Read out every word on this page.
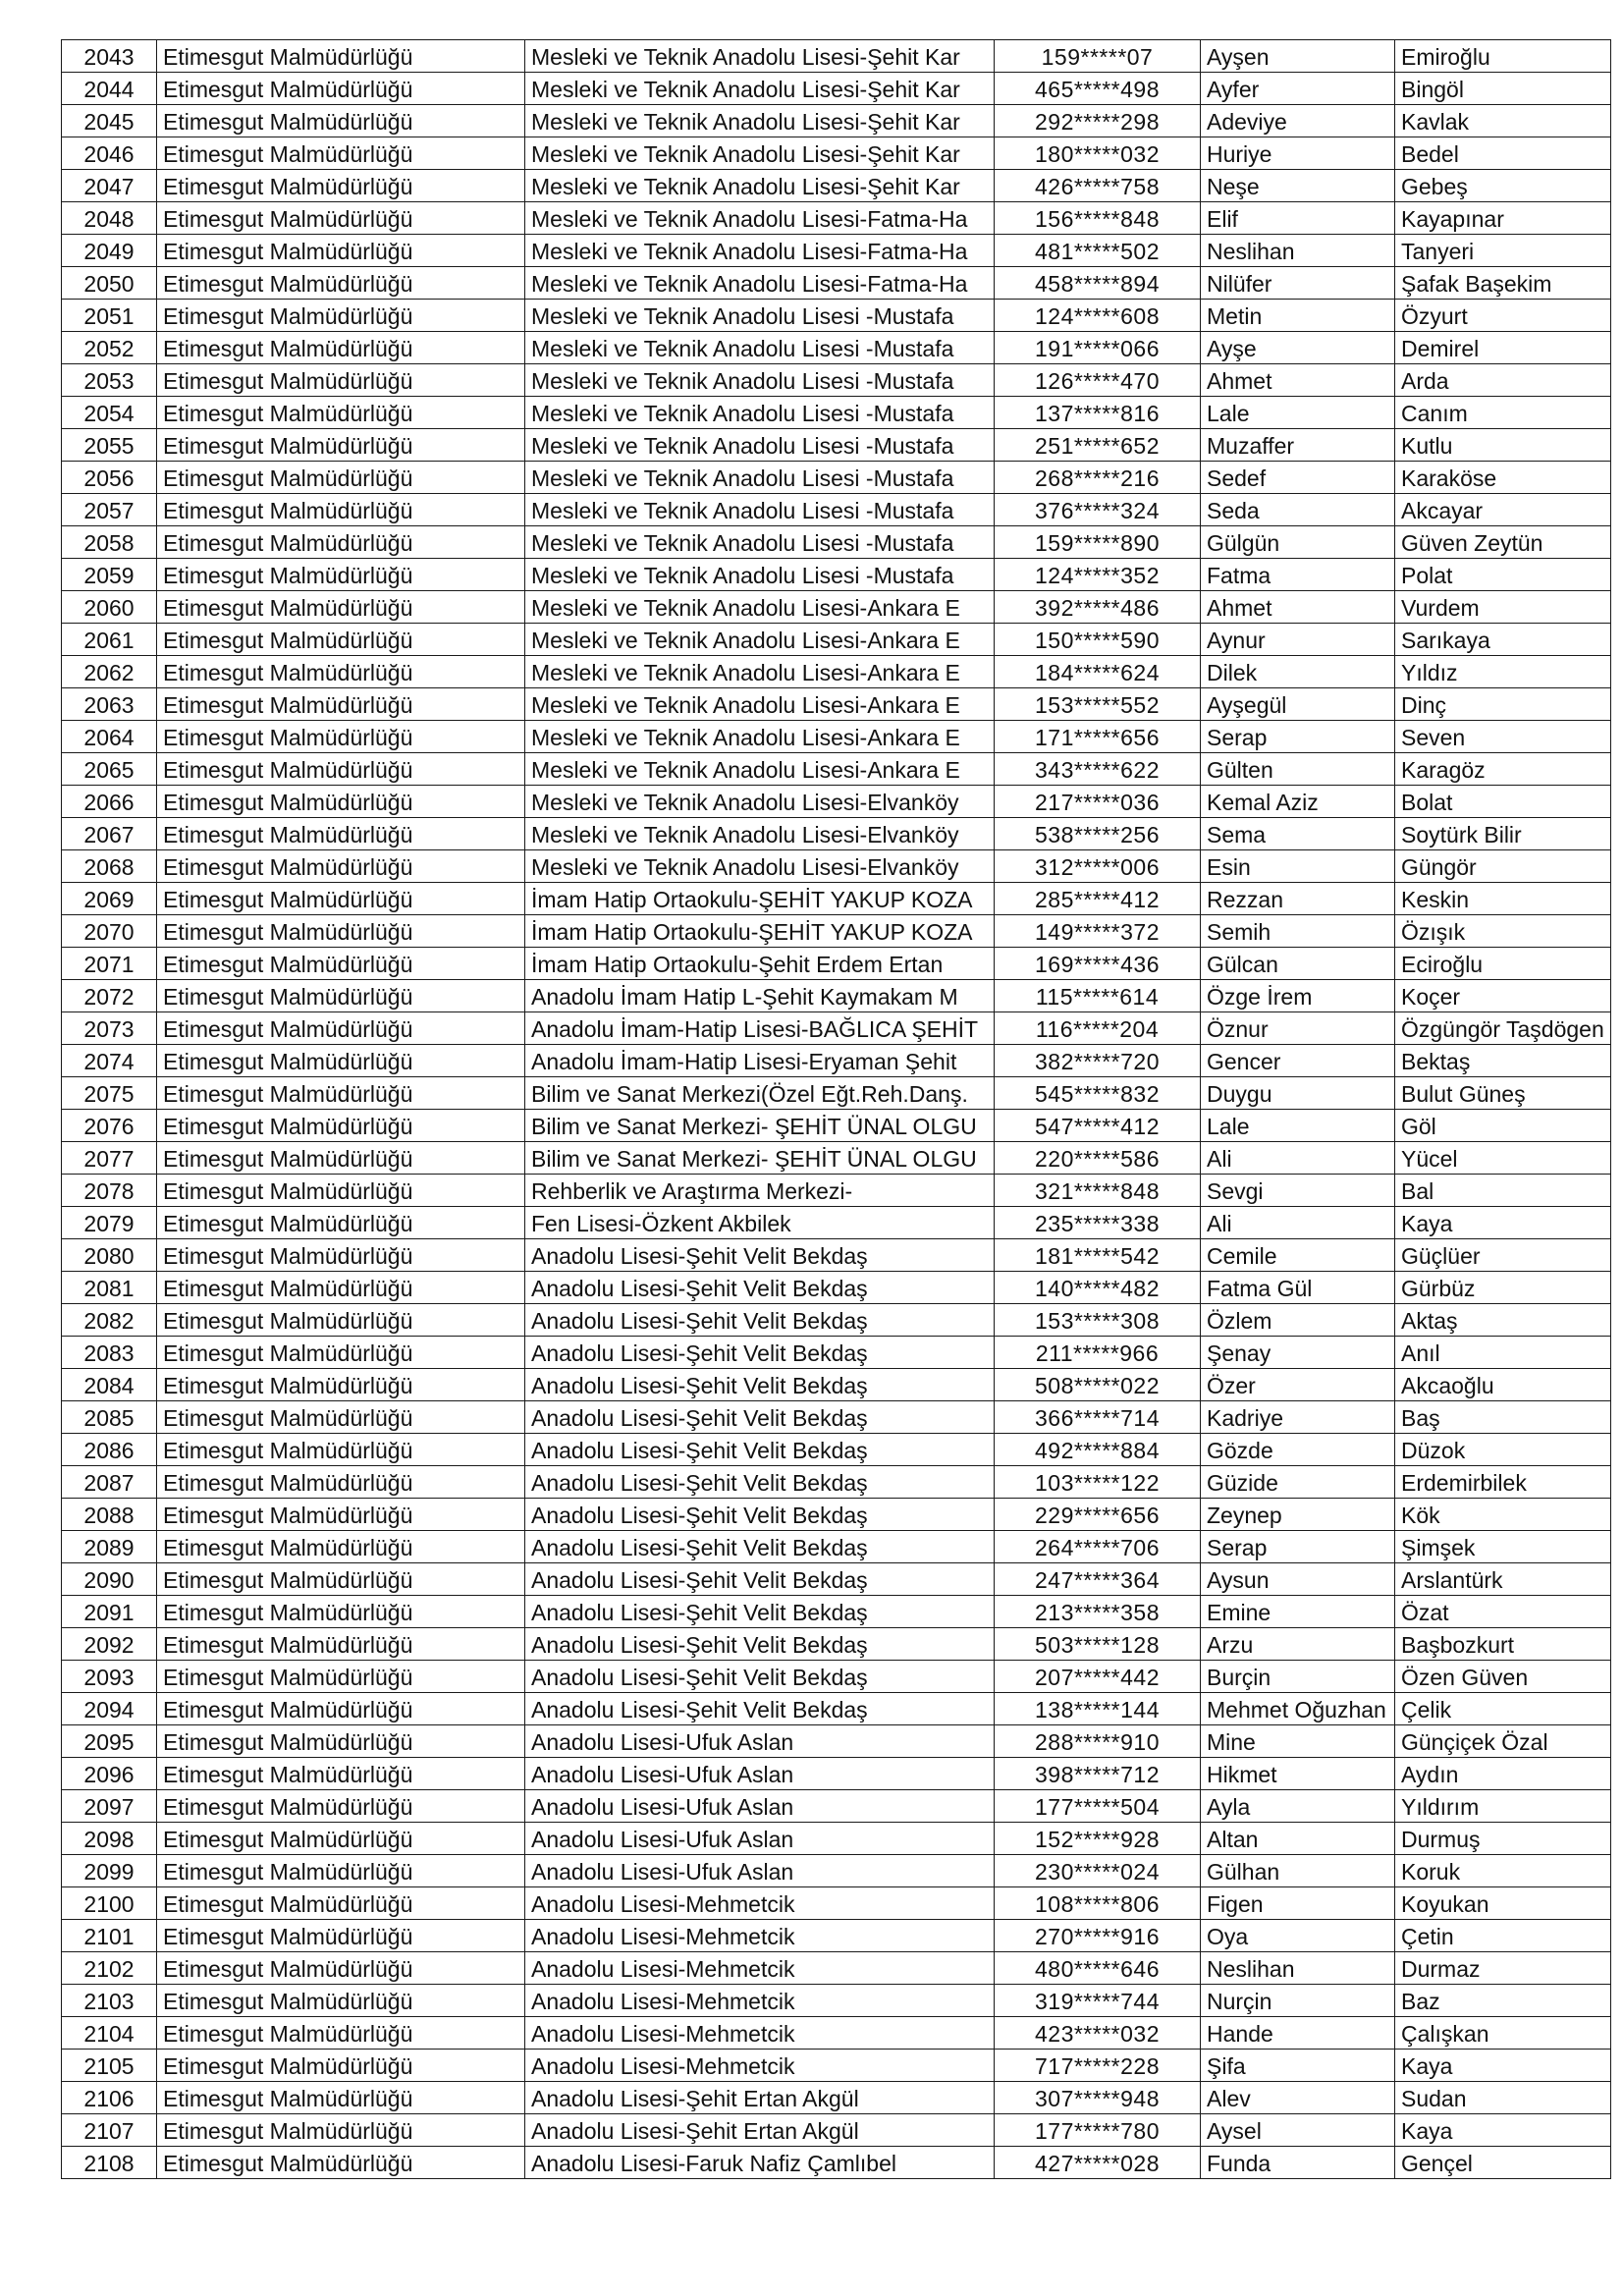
2043	Etimesgut Malmüdürlüğü	Mesleki ve Teknik Anadolu Lisesi-Şehit Kar	159*****07	Ayşen	Emiroğlu
2044	Etimesgut Malmüdürlüğü	Mesleki ve Teknik Anadolu Lisesi-Şehit Kar	465*****498	Ayfer	Bingöl
2045	Etimesgut Malmüdürlüğü	Mesleki ve Teknik Anadolu Lisesi-Şehit Kar	292*****298	Adeviye	Kavlak
2046	Etimesgut Malmüdürlüğü	Mesleki ve Teknik Anadolu Lisesi-Şehit Kar	180*****032	Huriye	Bedel
2047	Etimesgut Malmüdürlüğü	Mesleki ve Teknik Anadolu Lisesi-Şehit Kar	426*****758	Neşe	Gebeş
2048	Etimesgut Malmüdürlüğü	Mesleki ve Teknik Anadolu Lisesi-Fatma-Ha	156*****848	Elif	Kayapınar
2049	Etimesgut Malmüdürlüğü	Mesleki ve Teknik Anadolu Lisesi-Fatma-Ha	481*****502	Neslihan	Tanyeri
2050	Etimesgut Malmüdürlüğü	Mesleki ve Teknik Anadolu Lisesi-Fatma-Ha	458*****894	Nilüfer	Şafak Başekim
2051	Etimesgut Malmüdürlüğü	Mesleki ve Teknik Anadolu Lisesi -Mustafa	124*****608	Metin	Özyurt
2052	Etimesgut Malmüdürlüğü	Mesleki ve Teknik Anadolu Lisesi -Mustafa	191*****066	Ayşe	Demirel
2053	Etimesgut Malmüdürlüğü	Mesleki ve Teknik Anadolu Lisesi -Mustafa	126*****470	Ahmet	Arda
2054	Etimesgut Malmüdürlüğü	Mesleki ve Teknik Anadolu Lisesi -Mustafa	137*****816	Lale	Canım
2055	Etimesgut Malmüdürlüğü	Mesleki ve Teknik Anadolu Lisesi -Mustafa	251*****652	Muzaffer	Kutlu
2056	Etimesgut Malmüdürlüğü	Mesleki ve Teknik Anadolu Lisesi -Mustafa	268*****216	Sedef	Karaköse
2057	Etimesgut Malmüdürlüğü	Mesleki ve Teknik Anadolu Lisesi -Mustafa	376*****324	Seda	Akcayar
2058	Etimesgut Malmüdürlüğü	Mesleki ve Teknik Anadolu Lisesi -Mustafa	159*****890	Gülgün	Güven Zeytün
2059	Etimesgut Malmüdürlüğü	Mesleki ve Teknik Anadolu Lisesi -Mustafa	124*****352	Fatma	Polat
2060	Etimesgut Malmüdürlüğü	Mesleki ve Teknik Anadolu Lisesi-Ankara E	392*****486	Ahmet	Vurdem
2061	Etimesgut Malmüdürlüğü	Mesleki ve Teknik Anadolu Lisesi-Ankara E	150*****590	Aynur	Sarıkaya
2062	Etimesgut Malmüdürlüğü	Mesleki ve Teknik Anadolu Lisesi-Ankara E	184*****624	Dilek	Yıldız
2063	Etimesgut Malmüdürlüğü	Mesleki ve Teknik Anadolu Lisesi-Ankara E	153*****552	Ayşegül	Dinç
2064	Etimesgut Malmüdürlüğü	Mesleki ve Teknik Anadolu Lisesi-Ankara E	171*****656	Serap	Seven
2065	Etimesgut Malmüdürlüğü	Mesleki ve Teknik Anadolu Lisesi-Ankara E	343*****622	Gülten	Karagöz
2066	Etimesgut Malmüdürlüğü	Mesleki ve Teknik Anadolu Lisesi-Elvanköy	217*****036	Kemal Aziz	Bolat
2067	Etimesgut Malmüdürlüğü	Mesleki ve Teknik Anadolu Lisesi-Elvanköy	538*****256	Sema	Soytürk Bilir
2068	Etimesgut Malmüdürlüğü	Mesleki ve Teknik Anadolu Lisesi-Elvanköy	312*****006	Esin	Güngör
2069	Etimesgut Malmüdürlüğü	İmam Hatip Ortaokulu-ŞEHİT YAKUP KOZA	285*****412	Rezzan	Keskin
2070	Etimesgut Malmüdürlüğü	İmam Hatip Ortaokulu-ŞEHİT YAKUP KOZA	149*****372	Semih	Özışık
2071	Etimesgut Malmüdürlüğü	İmam Hatip Ortaokulu-Şehit Erdem Ertan	169*****436	Gülcan	Eciroğlu
2072	Etimesgut Malmüdürlüğü	Anadolu İmam Hatip L-Şehit Kaymakam M	115*****614	Özge İrem	Koçer
2073	Etimesgut Malmüdürlüğü	Anadolu İmam-Hatip Lisesi-BAĞLICA ŞEHİT	116*****204	Öznur	Özgüngör Taşdögen
2074	Etimesgut Malmüdürlüğü	Anadolu İmam-Hatip Lisesi-Eryaman Şehit	382*****720	Gencer	Bektaş
2075	Etimesgut Malmüdürlüğü	Bilim ve Sanat Merkezi(Özel Eğt.Reh.Danş.	545*****832	Duygu	Bulut Güneş
2076	Etimesgut Malmüdürlüğü	Bilim ve Sanat Merkezi- ŞEHİT ÜNAL OLGU	547*****412	Lale	Göl
2077	Etimesgut Malmüdürlüğü	Bilim ve Sanat Merkezi- ŞEHİT ÜNAL OLGU	220*****586	Ali	Yücel
2078	Etimesgut Malmüdürlüğü	Rehberlik ve Araştırma Merkezi-	321*****848	Sevgi	Bal
2079	Etimesgut Malmüdürlüğü	Fen Lisesi-Özkent Akbilek	235*****338	Ali	Kaya
2080	Etimesgut Malmüdürlüğü	Anadolu Lisesi-Şehit Velit Bekdaş	181*****542	Cemile	Güçlüer
2081	Etimesgut Malmüdürlüğü	Anadolu Lisesi-Şehit Velit Bekdaş	140*****482	Fatma Gül	Gürbüz
2082	Etimesgut Malmüdürlüğü	Anadolu Lisesi-Şehit Velit Bekdaş	153*****308	Özlem	Aktaş
2083	Etimesgut Malmüdürlüğü	Anadolu Lisesi-Şehit Velit Bekdaş	211*****966	Şenay	Anıl
2084	Etimesgut Malmüdürlüğü	Anadolu Lisesi-Şehit Velit Bekdaş	508*****022	Özer	Akcaoğlu
2085	Etimesgut Malmüdürlüğü	Anadolu Lisesi-Şehit Velit Bekdaş	366*****714	Kadriye	Baş
2086	Etimesgut Malmüdürlüğü	Anadolu Lisesi-Şehit Velit Bekdaş	492*****884	Gözde	Düzok
2087	Etimesgut Malmüdürlüğü	Anadolu Lisesi-Şehit Velit Bekdaş	103*****122	Güzide	Erdemirbilek
2088	Etimesgut Malmüdürlüğü	Anadolu Lisesi-Şehit Velit Bekdaş	229*****656	Zeynep	Kök
2089	Etimesgut Malmüdürlüğü	Anadolu Lisesi-Şehit Velit Bekdaş	264*****706	Serap	Şimşek
2090	Etimesgut Malmüdürlüğü	Anadolu Lisesi-Şehit Velit Bekdaş	247*****364	Aysun	Arslantürk
2091	Etimesgut Malmüdürlüğü	Anadolu Lisesi-Şehit Velit Bekdaş	213*****358	Emine	Özat
2092	Etimesgut Malmüdürlüğü	Anadolu Lisesi-Şehit Velit Bekdaş	503*****128	Arzu	Başbozkurt
2093	Etimesgut Malmüdürlüğü	Anadolu Lisesi-Şehit Velit Bekdaş	207*****442	Burçin	Özen Güven
2094	Etimesgut Malmüdürlüğü	Anadolu Lisesi-Şehit Velit Bekdaş	138*****144	Mehmet Oğuzhan	Çelik
2095	Etimesgut Malmüdürlüğü	Anadolu Lisesi-Ufuk Aslan	288*****910	Mine	Günçiçek Özal
2096	Etimesgut Malmüdürlüğü	Anadolu Lisesi-Ufuk Aslan	398*****712	Hikmet	Aydın
2097	Etimesgut Malmüdürlüğü	Anadolu Lisesi-Ufuk Aslan	177*****504	Ayla	Yıldırım
2098	Etimesgut Malmüdürlüğü	Anadolu Lisesi-Ufuk Aslan	152*****928	Altan	Durmuş
2099	Etimesgut Malmüdürlüğü	Anadolu Lisesi-Ufuk Aslan	230*****024	Gülhan	Koruk
2100	Etimesgut Malmüdürlüğü	Anadolu Lisesi-Mehmetcik	108*****806	Figen	Koyukan
2101	Etimesgut Malmüdürlüğü	Anadolu Lisesi-Mehmetcik	270*****916	Oya	Çetin
2102	Etimesgut Malmüdürlüğü	Anadolu Lisesi-Mehmetcik	480*****646	Neslihan	Durmaz
2103	Etimesgut Malmüdürlüğü	Anadolu Lisesi-Mehmetcik	319*****744	Nurçin	Baz
2104	Etimesgut Malmüdürlüğü	Anadolu Lisesi-Mehmetcik	423*****032	Hande	Çalışkan
2105	Etimesgut Malmüdürlüğü	Anadolu Lisesi-Mehmetcik	717*****228	Şifa	Kaya
2106	Etimesgut Malmüdürlüğü	Anadolu Lisesi-Şehit Ertan Akgül	307*****948	Alev	Sudan
2107	Etimesgut Malmüdürlüğü	Anadolu Lisesi-Şehit Ertan Akgül	177*****780	Aysel	Kaya
2108	Etimesgut Malmüdürlüğü	Anadolu Lisesi-Faruk Nafiz Çamlıbel	427*****028	Funda	Gençel
